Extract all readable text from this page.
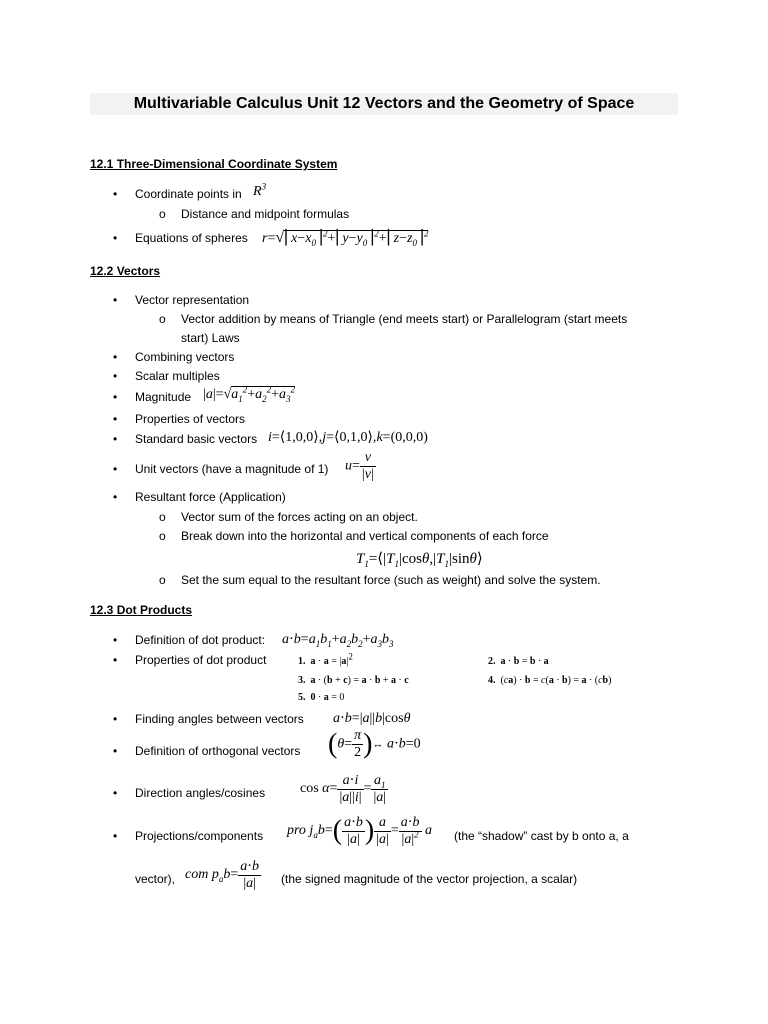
Multivariable Calculus Unit 12 Vectors and the Geometry of Space
12.1 Three-Dimensional Coordinate System
• Coordinate points in $R^3$
o Distance and midpoint formulas
• Equations of spheres $r=√⎢x-x_0⎥^2+⎢y-y_0⎥^2+⎢z-z_0⎥^2$
12.2 Vectors
• Vector representation
o Vector addition by means of Triangle (end meets start) or Parallelogram (start meets
start) Laws
• Combining vectors
• Scalar multiples
• Magnitude $|a|=√a_1^2+a_2^2+a_3^2$
• Properties of vectors
• Standard basic vectors i=⟨1,0,0⟩,j=⟨0,1,0⟩,k=(0,0,0)
• Unit vectors (have a magnitude of 1) $u= \frac{v}{|v|}$
• Resultant force (Application)
o Vector sum of the forces acting on an object.
o Break down into the horizontal and vertical components of each force
$T_1=⟨|T_1|\cos\theta,|T_1|\sin\theta⟩$
o Set the sum equal to the resultant force (such as weight) and solve the system.
12.3 Dot Products
• Definition of dot product: $a\cdot b=a_1b_1+a_2b_2+a_3b_3$
• Properties of dot product	1. $a \cdot a = |a|^2$	2. a ⋅ b = b ⋅ a
3. a ⋅ (b + c) = a ⋅ b + a ⋅ c	4.  (ca) ⋅ b = c(a ⋅ b) = a ⋅ (cb)
5. 0 ⋅ a = 0
• Finding angles between vectors a⋅b=|a||b|cosθ
• Definition of orthogonal vectors ($\theta= \frac{\pi}{2}$ )↔ a⋅b=0
• Direction angles/cosines $\cos \alpha= \frac{a\cdot i}{|a||i|} = \frac{a_1}{|a|}$
• Projections/components pro $j_ab=( \frac{a\cdot b}{|a|}$ ) $\frac{a}{|a|} = \frac{a\cdot b}{|a|^2}$ a (the “shadow” cast by b onto a, a
vector), com $p_ab= \frac{a\cdot b}{|a|} (the$ signed magnitude of the vector projection, a scalar)
